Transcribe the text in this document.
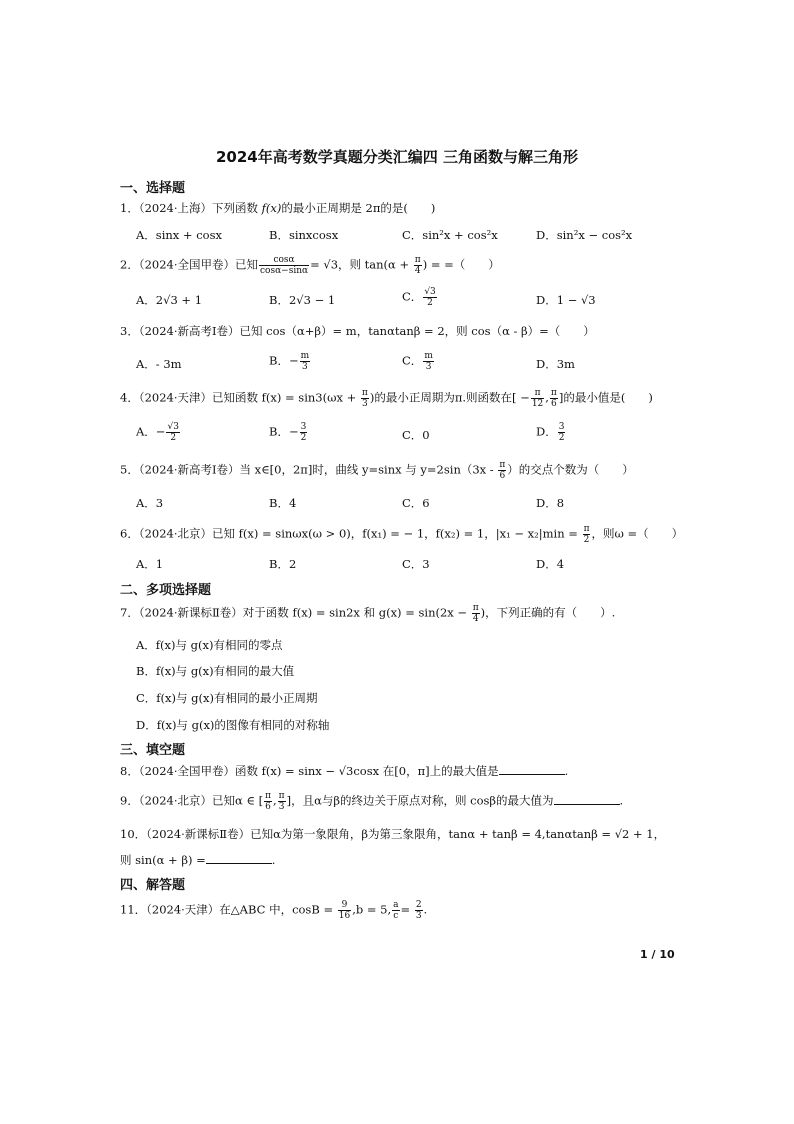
2024年高考数学真题分类汇编四 三角函数与解三角形
一、选择题
1．（2024·上海）下列函数 f(x)的最小正周期是 2π的是(　　)
A．sinx + cosx	B．sinxcosx	C．sin²x + cos²x	D．sin²x − cos²x
2．（2024·全国甲卷）已知 $\frac{\cos\alpha}{\cos\alpha-\sin\alpha} = √3$，则 $\tan(\alpha + \frac{\pi}{4}$ ) = =（　　）
A．2√3 + 1	B．2√3 − 1	C． $\frac{√3}{2}$	D．1 − √3
3．（2024·新高考Ⅰ卷）已知 cos（α+β）= m，tanαtanβ = 2，则 cos（α - β）=（　　）
A．- 3m	B．− $\frac{m}{3}$	C． $\frac{m}{3}$	D．3m
4．（2024·天津）已知函数 $f(x) = \sin 3(\omega x + \frac{\pi}{3}$ )的最小正周期为π.则函数在[ − $\frac{\pi}{12}$ , $\frac{\pi}{6}$ ]的最小值是(　　)
A．− $\frac{√3}{2}$	B．− $\frac{3}{2}$	C．0	D． $\frac{3}{2}$
5．（2024·新高考Ⅰ卷）当 x∈[0，2π]时，曲线 y=sinx 与 $y=2\sin(3x - \frac{\pi}{6}$ ）的交点个数为（　　）
A．3	B．4	C．6	D．8
6．（2024·北京）已知 f(x) = sinωx(ω > 0)，f(x₁) = − 1，f(x₂) = 1，$|x_1 - x_2|\min = \frac{\pi}{2}$ ，则ω =（　　）
A．1	B．2	C．3	D．4
二、多项选择题
7．（2024·新课标Ⅱ卷）对于函数 f(x) = sin2x 和 $g(x) = \sin(2x - \frac{\pi}{4}$ )，下列正确的有（　　）.
A．f(x)与 g(x)有相同的零点
B．f(x)与 g(x)有相同的最大值
C．f(x)与 g(x)有相同的最小正周期
D．f(x)与 g(x)的图像有相同的对称轴
三、填空题
8．（2024·全国甲卷）函数 f(x) = sinx − √3cosx 在[0，π]上的最大值是	.
9．（2024·北京）已知α ∈ [ $\frac{\pi}{6}$ , $\frac{\pi}{3}$ ]，且α与β的终边关于原点对称，则 cosβ的最大值为	.
10．（2024·新课标Ⅱ卷）已知α为第一象限角，β为第三象限角，tanα + tanβ = 4,tanαtanβ = √2 + 1，
则 sin(α + β) =	.
四、解答题
11．（2024·天津）在△ABC 中，$\cos B = \frac{9}{16} ,b = 5$, $\frac{a}{c} = \frac{2}{3}$ .
1 / 10
